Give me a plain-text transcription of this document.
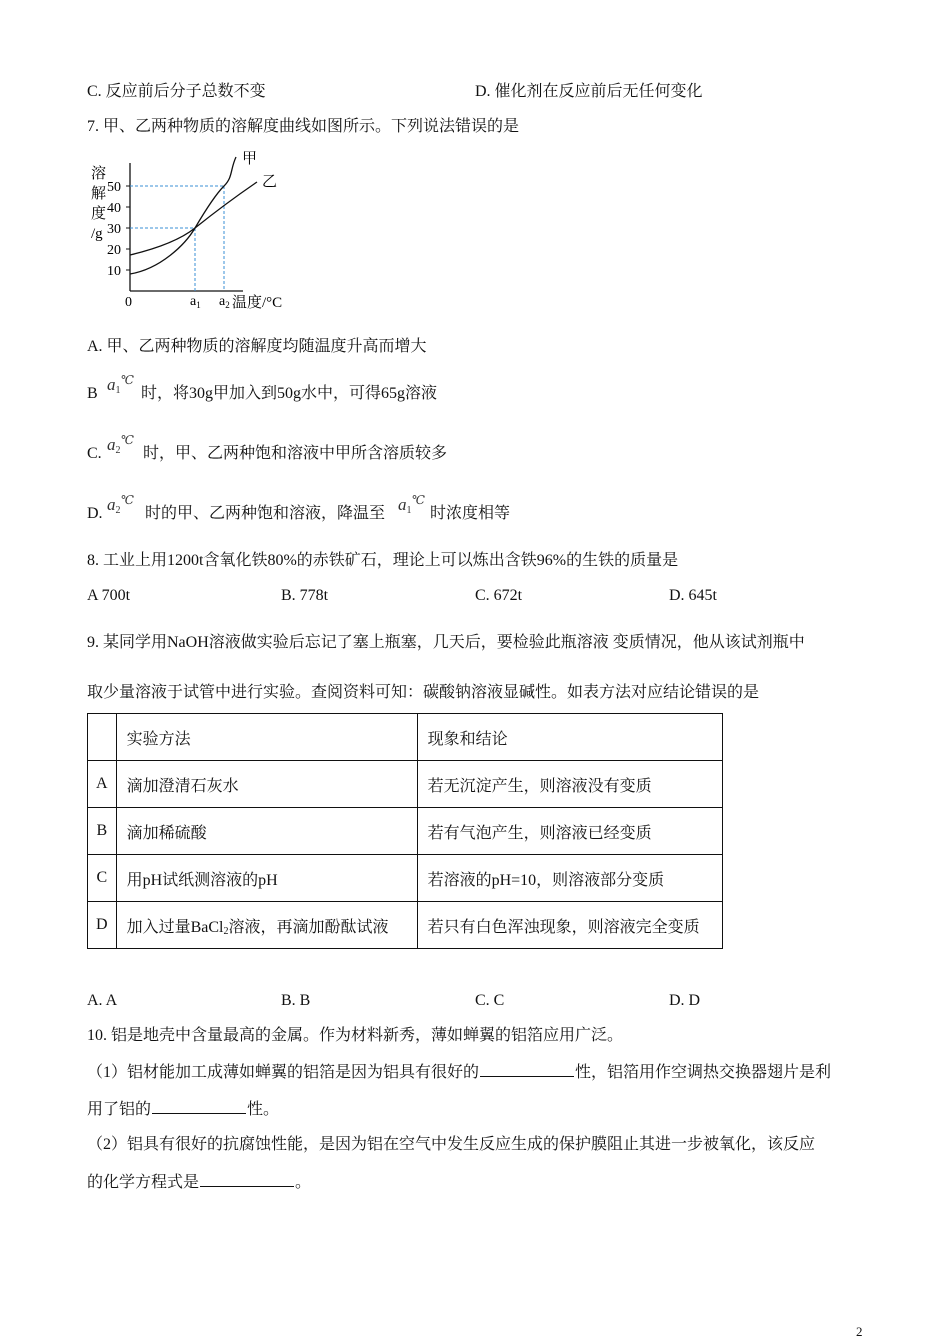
C. 反应前后分子总数不变	D. 催化剂在反应前后无任何变化
7. 甲、乙两种物质的溶解度曲线如图所示。下列说法错误的是
溶
解
度
/g
50
40
30
20
10
0
甲
乙
$a_1$ $a_2$ 温度/°C
A. 甲、乙两种物质的溶解度均随温度升高而增大
B $a_1^℃$
时，将30g甲加入到50g水中，可得65g溶液
C. $a_2^℃$
时，甲、乙两种饱和溶液中甲所含溶质较多
D. $a_2^℃$
时的甲、乙两种饱和溶液，降温至 $a_1^℃$
时浓度相等
8. 工业上用1200t含氧化铁80%的赤铁矿石，理论上可以炼出含铁96%的生铁的质量是
A 700t	B. 778t	C. 672t	D. 645t
9. 某同学用NaOH溶液做实验后忘记了塞上瓶塞，几天后，要检验此瓶溶液 变质情况，他从该试剂瓶中
取少量溶液于试管中进行实验。查阅资料可知：碳酸钠溶液显碱性。如表方法对应结论错误的是
	实验方法	现象和结论
A	滴加澄清石灰水	若无沉淀产生，则溶液没有变质
B	滴加稀硫酸	若有气泡产生，则溶液已经变质
C	用pH试纸测溶液的pH	若溶液的pH=10，则溶液部分变质
D	加入过量BaCl2溶液，再滴加酚酞试液	若只有白色浑浊现象，则溶液完全变质
A. A	B. B	C. C	D. D
10. 铝是地壳中含量最高的金属。作为材料新秀，薄如蝉翼的铝箔应用广泛。
（1）铝材能加工成薄如蝉翼的铝箔是因为铝具有很好的	性，铝箔用作空调热交换器翅片是利
用了铝的	性。
（2）铝具有很好的抗腐蚀性能，是因为铝在空气中发生反应生成的保护膜阻止其进一步被氧化，该反应
的化学方程式是	。
2
